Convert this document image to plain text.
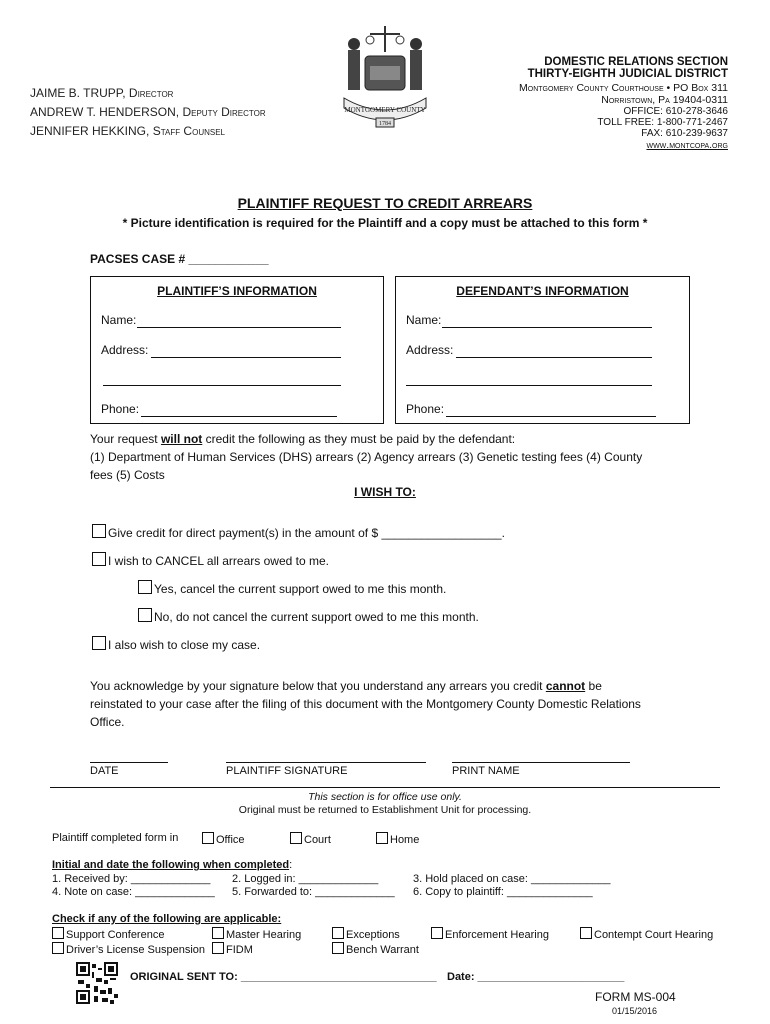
JAIME B. TRUPP, Director
ANDREW T. HENDERSON, Deputy Director
JENNIFER HEKKING, Staff Counsel
MONTGOMERY COUNTY
1784
DOMESTIC RELATIONS SECTION
THIRTY-EIGHTH JUDICIAL DISTRICT
Montgomery County Courthouse • PO Box 311
Norristown, Pa 19404-0311
OFFICE: 610-278-3646
TOLL FREE: 1-800-771-2467
FAX: 610-239-9637
www.montcopa.org
PLAINTIFF REQUEST TO CREDIT ARREARS
* Picture identification is required for the Plaintiff and a copy must be attached to this form *
PACSES CASE # ____________
PLAINTIFF’S INFORMATION
Name:
Address:
Phone:
DEFENDANT’S INFORMATION
Name:
Address:
Phone:
Your request will not credit the following as they must be paid by the defendant:
(1) Department of Human Services (DHS) arrears (2) Agency arrears (3) Genetic testing fees (4) County
fees (5) Costs
I WISH TO:
Give credit for direct payment(s) in the amount of $ __________________.
I wish to CANCEL all arrears owed to me.
Yes, cancel the current support owed to me this month.
No, do not cancel the current support owed to me this month.
I also wish to close my case.
You acknowledge by your signature below that you understand any arrears you credit cannot be
reinstated to your case after the filing of this document with the Montgomery County Domestic Relations
Office.
DATE	PLAINTIFF SIGNATURE	PRINT NAME
This section is for office use only.
Original must be returned to Establishment Unit for processing.
Plaintiff completed form in	Office	Court	Home
Initial and date the following when completed:
1. Received by: _____________ 2. Logged in: _____________	3. Hold placed on case: _____________
4. Note on case: _____________ 5. Forwarded to: _____________ 6. Copy to plaintiff: ______________
Check if any of the following are applicable:
Support Conference	Master Hearing	Exceptions	Enforcement Hearing	Contempt Court Hearing
Driver’s License Suspension	FIDM	Bench Warrant
ORIGINAL SENT TO: ________________________________ Date: ________________________
FORM MS-004
01/15/2016
